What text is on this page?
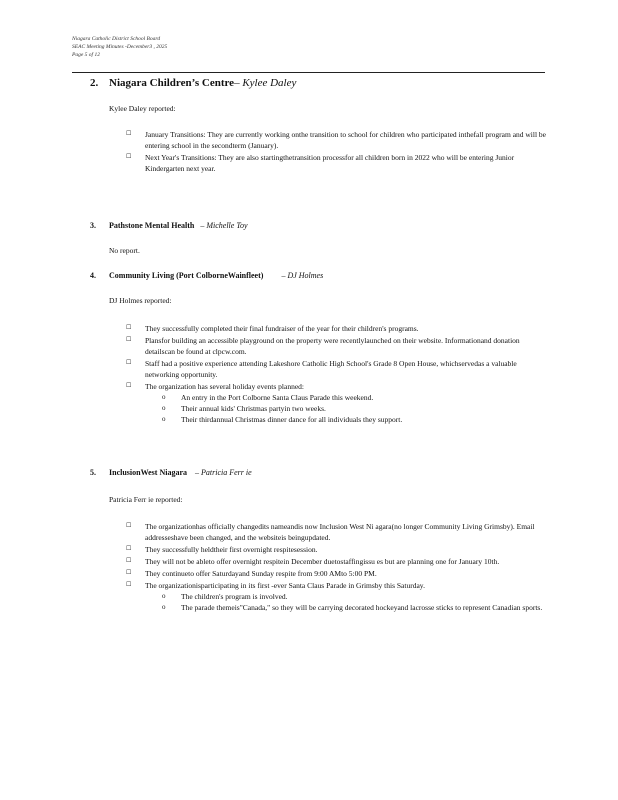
Niagara Catholic District School Board
SEAC Meeting Minutes -December3 , 2025
Page 5 of 12
2. Niagara Children’s Centre– Kylee Daley
Kylee Daley reported:
☐ January Transitions: They are currently working onthe transition to school for children who participated inthefall program and will be entering school in the secondterm (January).
☐ Next Year's Transitions: They are also startingthetransition processfor all children born in 2022 who will be entering Junior Kindergarten next year.
3. Pathstone Mental Health – Michelle Toy
No report.
4. Community Living (Port ColborneWainfleet) – DJ Holmes
DJ Holmes reported:
☐ They successfully completed their final fundraiser of the year for their children's programs.
☐ Plansfor building an accessible playground on the property were recentlylaunched on their website. Informationand donation detailscan be found at clpcw.com.
☐ Staff had a positive experience attending Lakeshore Catholic High School's Grade 8 Open House, whichservedas a valuable networking opportunity.
☐ The organization has several holiday events planned:
o An entry in the Port Colborne Santa Claus Parade this weekend.
o Their annual kids' Christmas partyin two weeks.
o Their thirdannual Christmas dinner dance for all individuals they support.
5. InclusionWest Niagara – Patricia Ferr ie
Patricia Ferr ie reported:
☐ The organizationhas officially changedits nameandis now Inclusion West Ni agara(no longer Community Living Grimsby). Email addresseshave been changed, and the websiteis beingupdated.
☐ They successfully heldtheir first overnight respitesession.
☐ They will not be ableto offer overnight respitein December duetostaffingissu es but are planning one for January 10th.
☐ They continueto offer Saturdayand Sunday respite from 9:00 AMto 5:00 PM.
☐ The organizationisparticipating in its first -ever Santa Claus Parade in Grimsby this Saturday.
o The children's program is involved.
o The parade themeis"Canada," so they will be carrying decorated hockeyand lacrosse sticks to represent Canadian sports.
